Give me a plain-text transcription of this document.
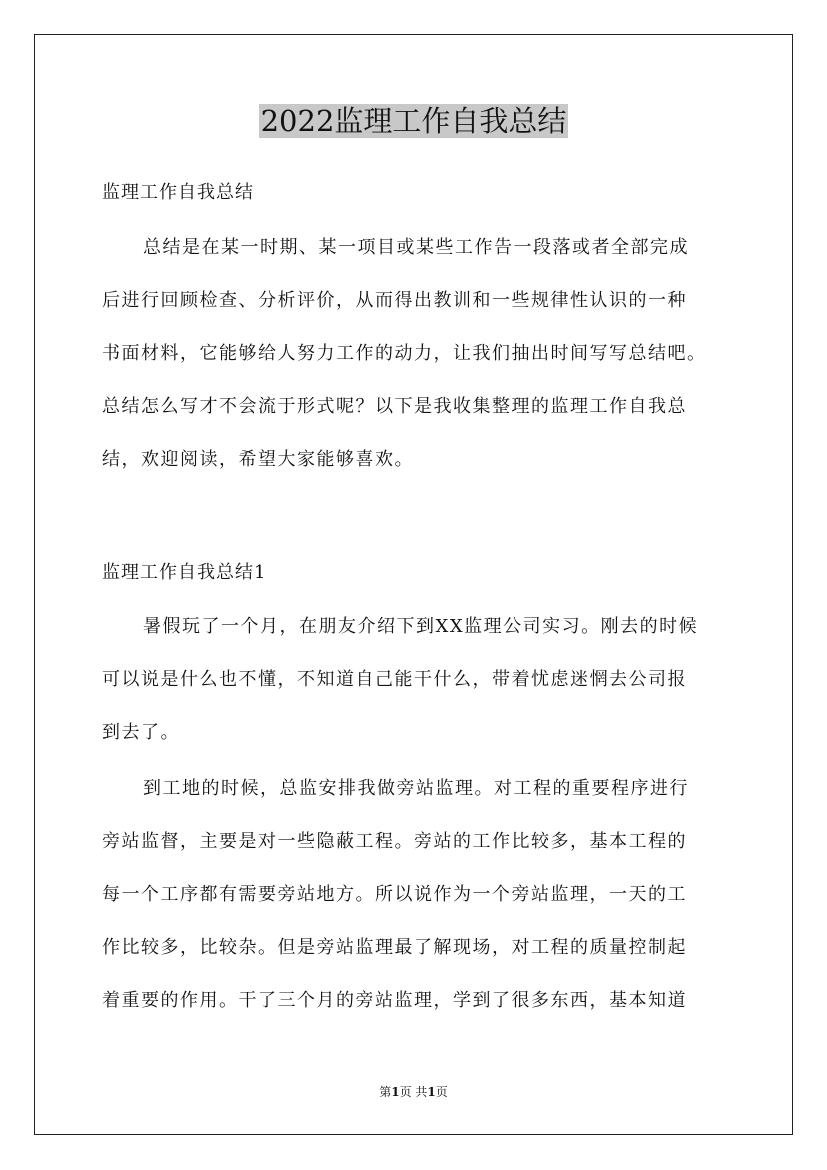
2022监理工作自我总结
监理工作自我总结
总结是在某一时期、某一项目或某些工作告一段落或者全部完成
后进行回顾检查、分析评价，从而得出教训和一些规律性认识的一种
书面材料，它能够给人努力工作的动力，让我们抽出时间写写总结吧。
总结怎么写才不会流于形式呢？以下是我收集整理的监理工作自我总
结，欢迎阅读，希望大家能够喜欢。
监理工作自我总结1
暑假玩了一个月，在朋友介绍下到XX监理公司实习。刚去的时候
可以说是什么也不懂，不知道自己能干什么，带着忧虑迷惘去公司报
到去了。
到工地的时候，总监安排我做旁站监理。对工程的重要程序进行
旁站监督，主要是对一些隐蔽工程。旁站的工作比较多，基本工程的
每一个工序都有需要旁站地方。所以说作为一个旁站监理，一天的工
作比较多，比较杂。但是旁站监理最了解现场，对工程的质量控制起
着重要的作用。干了三个月的旁站监理，学到了很多东西，基本知道
第1页 共1页
